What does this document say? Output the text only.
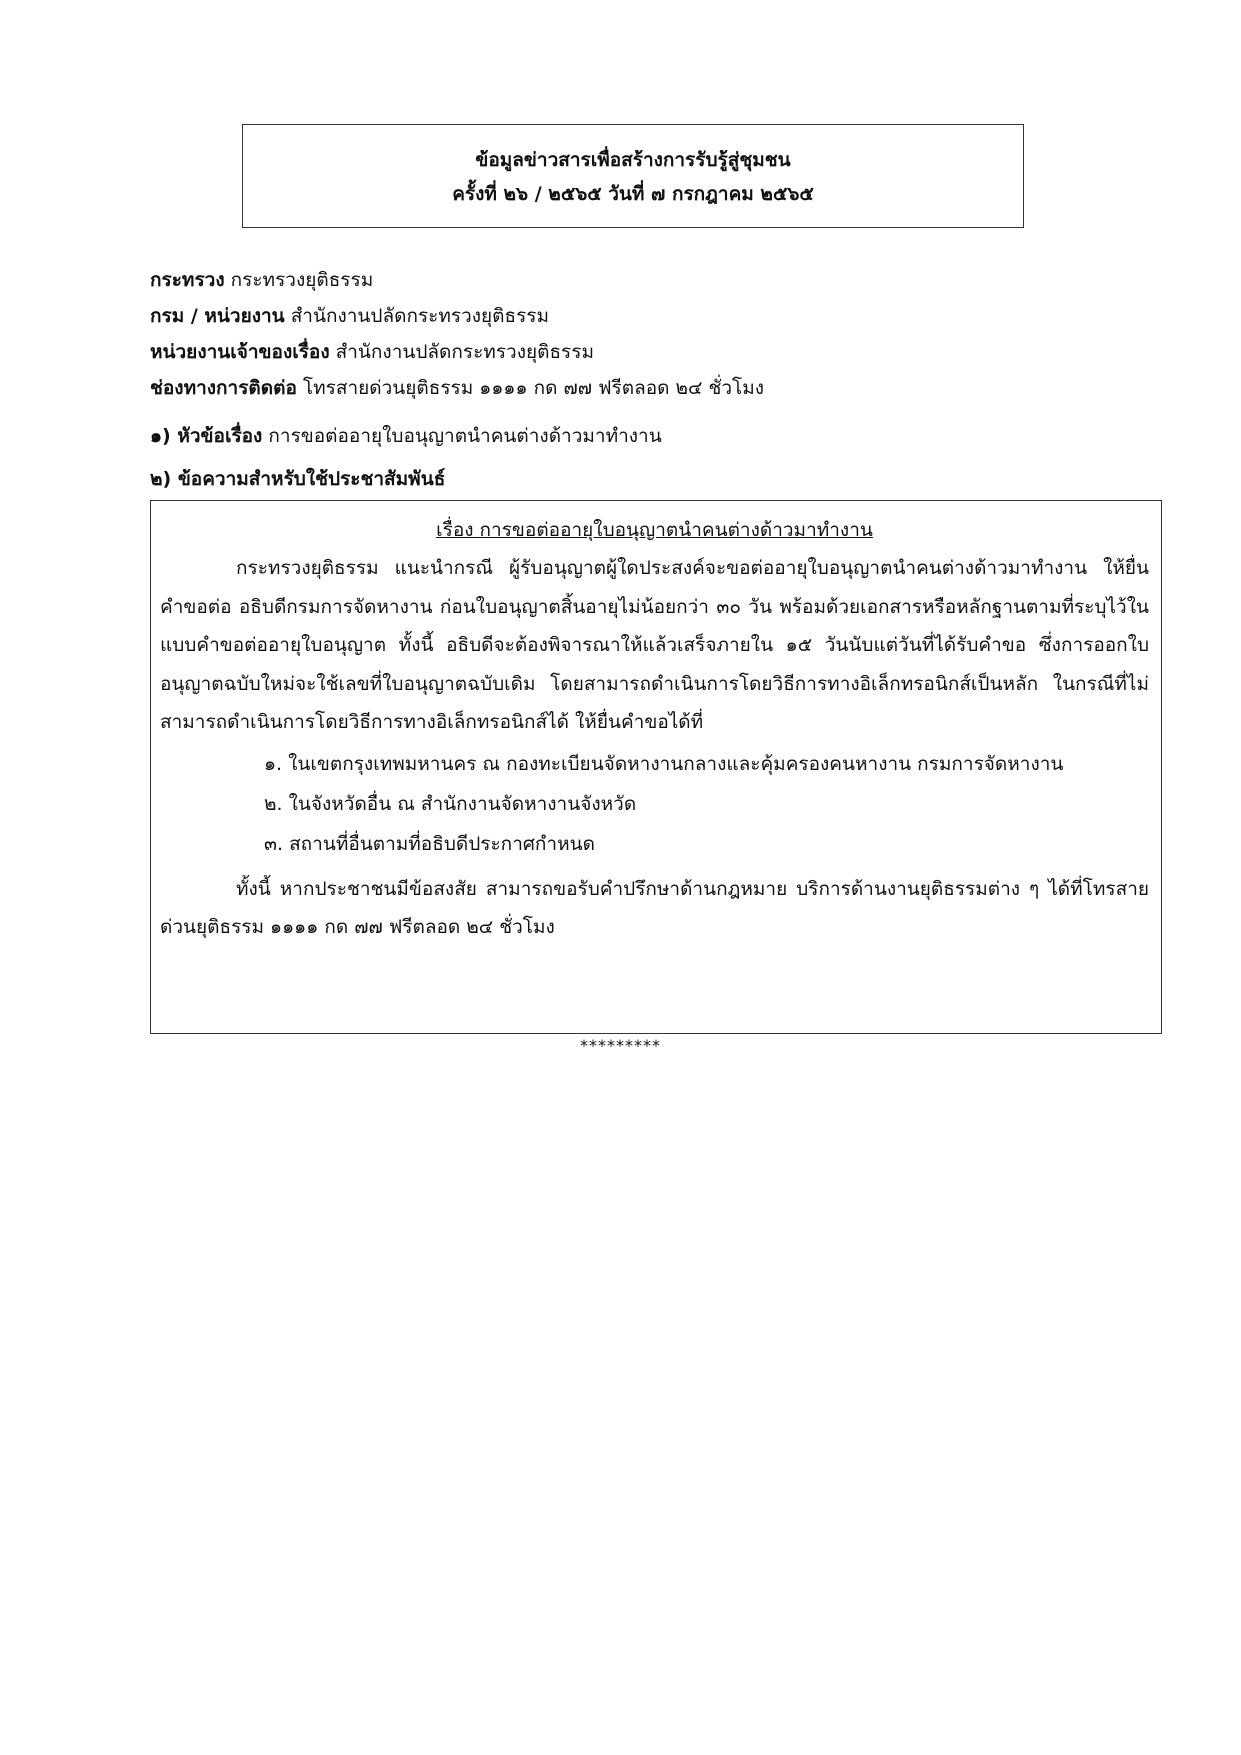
ข้อมูลข่าวสารเพื่อสร้างการรับรู้สู่ชุมชน
ครั้งที่ ๒๖ / ๒๕๖๕ วันที่ ๗ กรกฎาคม ๒๕๖๕
กระทรวง กระทรวงยุติธรรม
กรม / หน่วยงาน สำนักงานปลัดกระทรวงยุติธรรม
หน่วยงานเจ้าของเรื่อง สำนักงานปลัดกระทรวงยุติธรรม
ช่องทางการติดต่อ โทรสายด่วนยุติธรรม ๑๑๑๑ กด ๗๗ ฟรีตลอด ๒๔ ชั่วโมง
๑) หัวข้อเรื่อง การขอต่ออายุใบอนุญาตนำคนต่างด้าวมาทำงาน
๒) ข้อความสำหรับใช้ประชาสัมพันธ์
เรื่อง การขอต่ออายุใบอนุญาตนำคนต่างด้าวมาทำงาน

กระทรวงยุติธรรม แนะนำกรณี ผู้รับอนุญาตผู้ใดประสงค์จะขอต่ออายุใบอนุญาตนำคนต่างด้าวมาทำงาน ให้ยื่นคำขอต่อ อธิบดีกรมการจัดหางาน ก่อนใบอนุญาตสิ้นอายุไม่น้อยกว่า ๓๐ วัน พร้อมด้วยเอกสารหรือหลักฐานตามที่ระบุไว้ในแบบคำขอต่ออายุใบอนุญาต ทั้งนี้ อธิบดีจะต้องพิจารณาให้แล้วเสร็จภายใน ๑๕ วันนับแต่วันที่ได้รับคำขอ ซึ่งการออกใบอนุญาตฉบับใหม่จะใช้เลขที่ใบอนุญาตฉบับเดิม โดยสามารถดำเนินการโดยวิธีการทางอิเล็กทรอนิกส์เป็นหลัก ในกรณีที่ไม่สามารถดำเนินการโดยวิธีการทางอิเล็กทรอนิกส์ได้ ให้ยื่นคำขอได้ที่

๑. ในเขตกรุงเทพมหานคร ณ กองทะเบียนจัดหางานกลางและคุ้มครองคนหางาน กรมการจัดหางาน
๒. ในจังหวัดอื่น ณ สำนักงานจัดหางานจังหวัด
๓. สถานที่อื่นตามที่อธิบดีประกาศกำหนด

ทั้งนี้ หากประชาชนมีข้อสงสัย สามารถขอรับคำปรึกษาด้านกฎหมาย บริการด้านงานยุติธรรมต่าง ๆ ได้ที่โทรสายด่วนยุติธรรม ๑๑๑๑ กด ๗๗ ฟรีตลอด ๒๔ ชั่วโมง

*********
